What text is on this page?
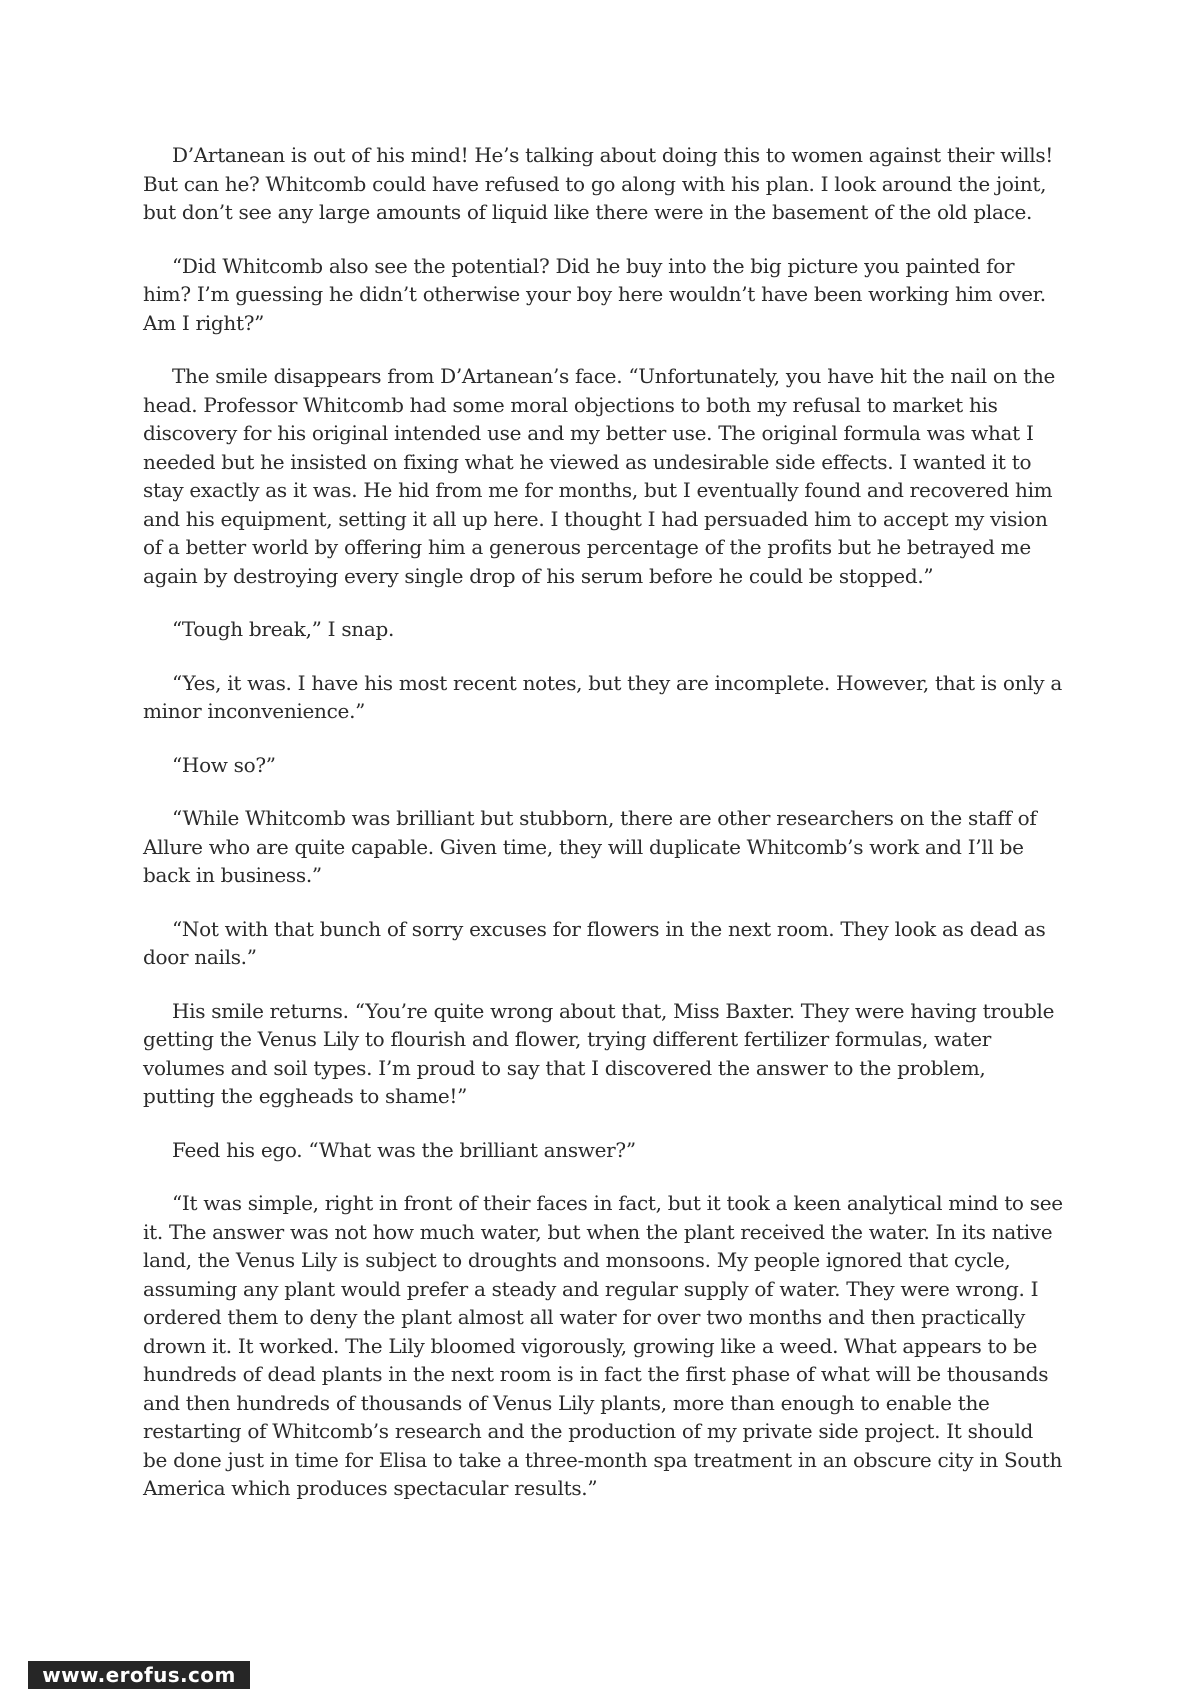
D’Artanean is out of his mind! He’s talking about doing this to women against their wills! But can he? Whitcomb could have refused to go along with his plan. I look around the joint, but don’t see any large amounts of liquid like there were in the basement of the old place.

“Did Whitcomb also see the potential? Did he buy into the big picture you painted for him? I’m guessing he didn’t otherwise your boy here wouldn’t have been working him over. Am I right?”

The smile disappears from D’Artanean’s face. “Unfortunately, you have hit the nail on the head. Professor Whitcomb had some moral objections to both my refusal to market his discovery for his original intended use and my better use. The original formula was what I needed but he insisted on fixing what he viewed as undesirable side effects. I wanted it to stay exactly as it was. He hid from me for months, but I eventually found and recovered him and his equipment, setting it all up here. I thought I had persuaded him to accept my vision of a better world by offering him a generous percentage of the profits but he betrayed me again by destroying every single drop of his serum before he could be stopped.”

“Tough break,” I snap.

“Yes, it was. I have his most recent notes, but they are incomplete. However, that is only a minor inconvenience.”

“How so?”

“While Whitcomb was brilliant but stubborn, there are other researchers on the staff of Allure who are quite capable. Given time, they will duplicate Whitcomb’s work and I’ll be back in business.”

“Not with that bunch of sorry excuses for flowers in the next room. They look as dead as door nails.”

His smile returns. “You’re quite wrong about that, Miss Baxter. They were having trouble getting the Venus Lily to flourish and flower, trying different fertilizer formulas, water volumes and soil types. I’m proud to say that I discovered the answer to the problem, putting the eggheads to shame!”

Feed his ego. “What was the brilliant answer?”

“It was simple, right in front of their faces in fact, but it took a keen analytical mind to see it. The answer was not how much water, but when the plant received the water. In its native land, the Venus Lily is subject to droughts and monsoons. My people ignored that cycle, assuming any plant would prefer a steady and regular supply of water. They were wrong. I ordered them to deny the plant almost all water for over two months and then practically drown it. It worked. The Lily bloomed vigorously, growing like a weed. What appears to be hundreds of dead plants in the next room is in fact the first phase of what will be thousands and then hundreds of thousands of Venus Lily plants, more than enough to enable the restarting of Whitcomb’s research and the production of my private side project. It should be done just in time for Elisa to take a three-month spa treatment in an obscure city in South America which produces spectacular results.”

www.erofus.com
